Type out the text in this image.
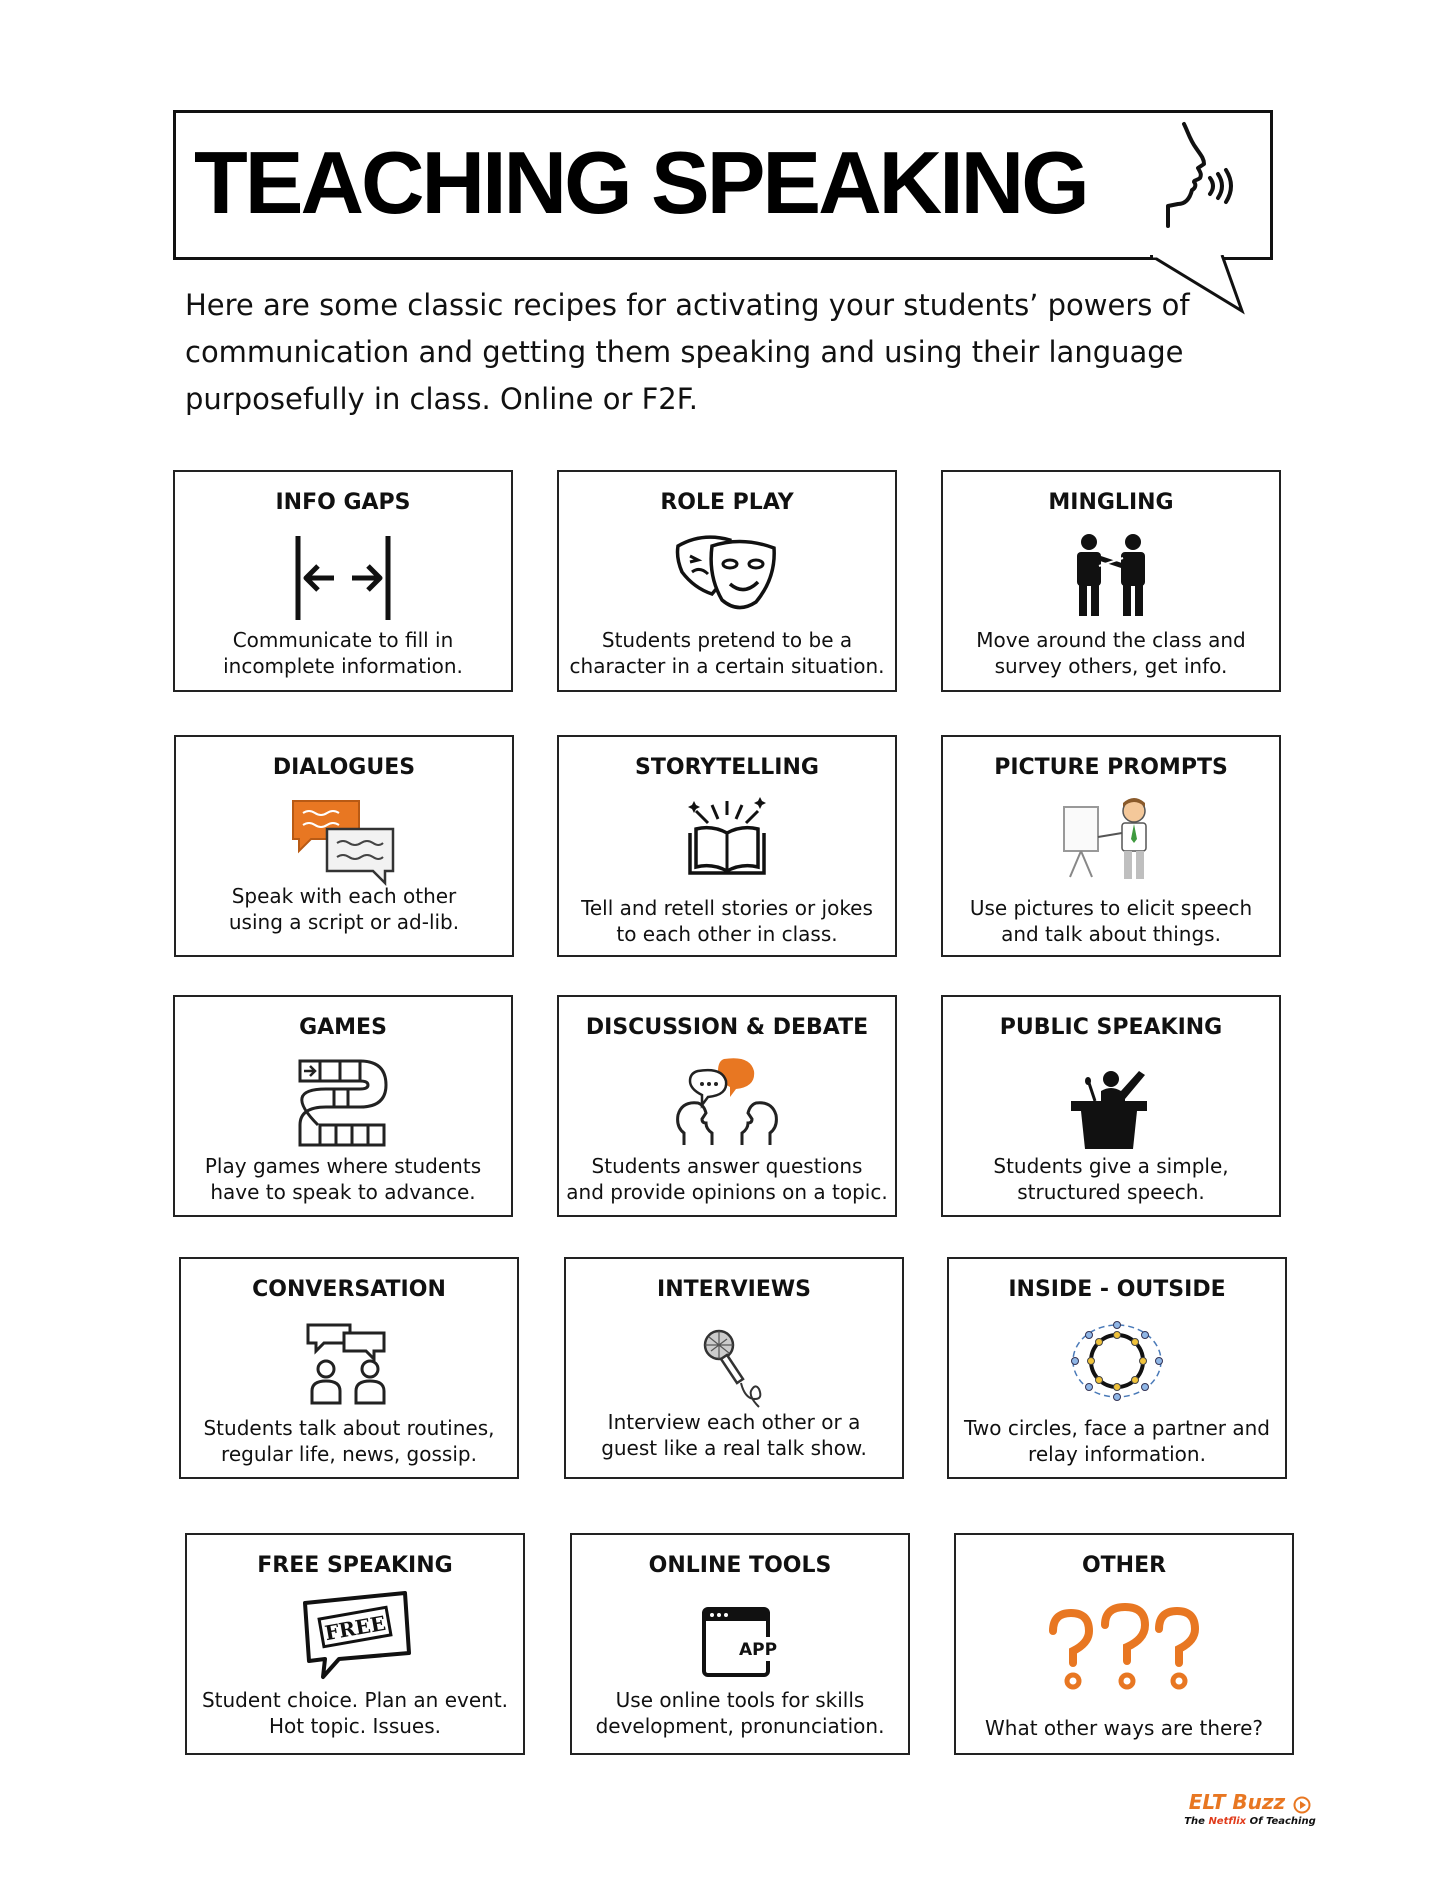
TEACHING SPEAKING
Here are some classic recipes for activating your students’ powers of
communication and getting them speaking and using their language
purposefully in class. Online or F2F.
INFO GAPS
Communicate to fill in
incomplete information.
ROLE PLAY
Students pretend to be a
character in a certain situation.
MINGLING
Move around the class and
survey others, get info.
DIALOGUES
Speak with each other
using a script or ad-lib.
STORYTELLING
Tell and retell stories or jokes
to each other in class.
PICTURE PROMPTS
Use pictures to elicit speech
and talk about things.
GAMES
Play games where students
have to speak to advance.
DISCUSSION & DEBATE
Students answer questions
and provide opinions on a topic.
PUBLIC SPEAKING
Students give a simple,
structured speech.
CONVERSATION
Students talk about routines,
regular life, news, gossip.
INTERVIEWS
Interview each other or a
guest like a real talk show.
INSIDE - OUTSIDE
Two circles, face a partner and
relay information.
FREE SPEAKING
FREE
Student choice. Plan an event.
Hot topic. Issues.
ONLINE TOOLS
APP
Use online tools for skills
development, pronunciation.
OTHER
What other ways are there?
ELT Buzz
The Netflix Of Teaching
